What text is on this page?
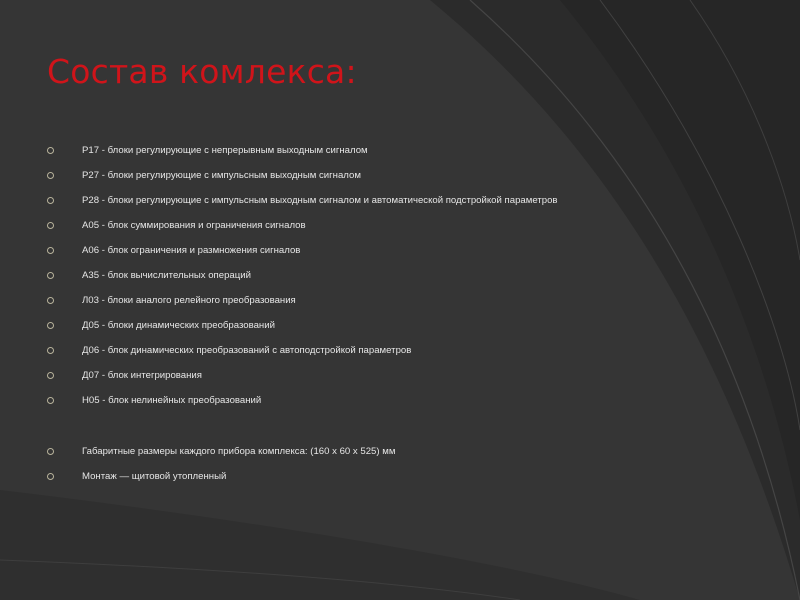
Состав комлекса:
Р17 - блоки регулирующие с непрерывным выходным сигналом
Р27 - блоки регулирующие с импульсным выходным сигналом
Р28 - блоки регулирующие с импульсным выходным сигналом и автоматической подстройкой параметров
А05 - блок суммирования и ограничения сигналов
А06 - блок ограничения и размножения сигналов
А35 - блок вычислительных операций
Л03 - блоки аналого релейного преобразования
Д05 - блоки динамических преобразований
Д06 - блок динамических преобразований с автоподстройкой параметров
Д07 - блок интегрирования
Н05 - блок нелинейных преобразований
Габаритные размеры каждого прибора комплекса: (160 х 60 х 525) мм
Монтаж — щитовой утопленный
